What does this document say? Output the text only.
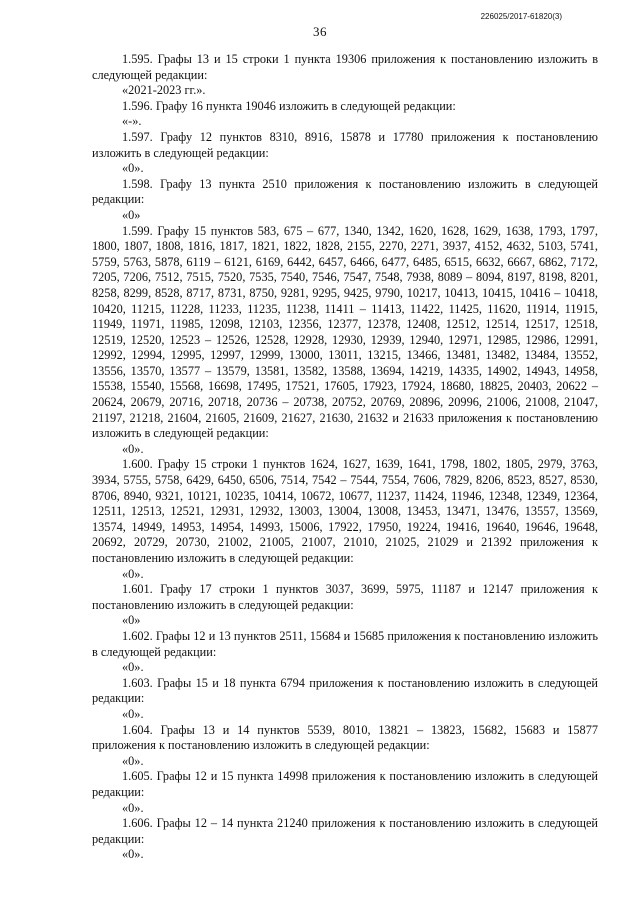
226025/2017-61820(3)
36

1.595. Графы 13 и 15 строки 1 пункта 19306 приложения к постановлению изложить в следующей редакции:

«2021-2023 гг.».

1.596. Графу 16 пункта 19046 изложить в следующей редакции:

«-».

1.597. Графу 12 пунктов 8310, 8916, 15878 и 17780 приложения к постановлению изложить в следующей редакции:

«0».

1.598. Графу 13 пункта 2510 приложения к постановлению изложить в следующей редакции:

«0»

1.599. Графу 15 пунктов 583, 675 – 677, 1340, 1342, 1620, 1628, 1629, 1638, 1793, 1797, 1800, 1807, 1808, 1816, 1817, 1821, 1822, 1828, 2155, 2270, 2271, 3937, 4152, 4632, 5103, 5741, 5759, 5763, 5878, 6119 – 6121, 6169, 6442, 6457, 6466, 6477, 6485, 6515, 6632, 6667, 6862, 7172, 7205, 7206, 7512, 7515, 7520, 7535, 7540, 7546, 7547, 7548, 7938, 8089 – 8094, 8197, 8198, 8201, 8258, 8299, 8528, 8717, 8731, 8750, 9281, 9295, 9425, 9790, 10217, 10413, 10415, 10416 – 10418, 10420, 11215, 11228, 11233, 11235, 11238, 11411 – 11413, 11422, 11425, 11620, 11914, 11915, 11949, 11971, 11985, 12098, 12103, 12356, 12377, 12378, 12408, 12512, 12514, 12517, 12518, 12519, 12520, 12523 – 12526, 12528, 12928, 12930, 12939, 12940, 12971, 12985, 12986, 12991, 12992, 12994, 12995, 12997, 12999, 13000, 13011, 13215, 13466, 13481, 13482, 13484, 13552, 13556, 13570, 13577 – 13579, 13581, 13582, 13588, 13694, 14219, 14335, 14902, 14943, 14958, 15538, 15540, 15568, 16698, 17495, 17521, 17605, 17923, 17924, 18680, 18825, 20403, 20622 – 20624, 20679, 20716, 20718, 20736 – 20738, 20752, 20769, 20896, 20996, 21006, 21008, 21047, 21197, 21218, 21604, 21605, 21609, 21627, 21630, 21632 и 21633 приложения к постановлению изложить в следующей редакции:

«0».

1.600. Графу 15 строки 1 пунктов 1624, 1627, 1639, 1641, 1798, 1802, 1805, 2979, 3763, 3934, 5755, 5758, 6429, 6450, 6506, 7514, 7542 – 7544, 7554, 7606, 7829, 8206, 8523, 8527, 8530, 8706, 8940, 9321, 10121, 10235, 10414, 10672, 10677, 11237, 11424, 11946, 12348, 12349, 12364, 12511, 12513, 12521, 12931, 12932, 13003, 13004, 13008, 13453, 13471, 13476, 13557, 13569, 13574, 14949, 14953, 14954, 14993, 15006, 17922, 17950, 19224, 19416, 19640, 19646, 19648, 20692, 20729, 20730, 21002, 21005, 21007, 21010, 21025, 21029 и 21392 приложения к постановлению изложить в следующей редакции:

«0».

1.601. Графу 17 строки 1 пунктов 3037, 3699, 5975, 11187 и 12147 приложения к постановлению изложить в следующей редакции:

«0»

1.602. Графы 12 и 13 пунктов 2511, 15684 и 15685 приложения к постановлению изложить в следующей редакции:

«0».

1.603. Графы 15 и 18 пункта 6794 приложения к постановлению изложить в следующей редакции:

«0».

1.604. Графы 13 и 14 пунктов 5539, 8010, 13821 – 13823, 15682, 15683 и 15877 приложения к постановлению изложить в следующей редакции:

«0».

1.605. Графы 12 и 15 пункта 14998 приложения к постановлению изложить в следующей редакции:

«0».

1.606. Графы 12 – 14 пункта 21240 приложения к постановлению изложить в следующей редакции:

«0».
